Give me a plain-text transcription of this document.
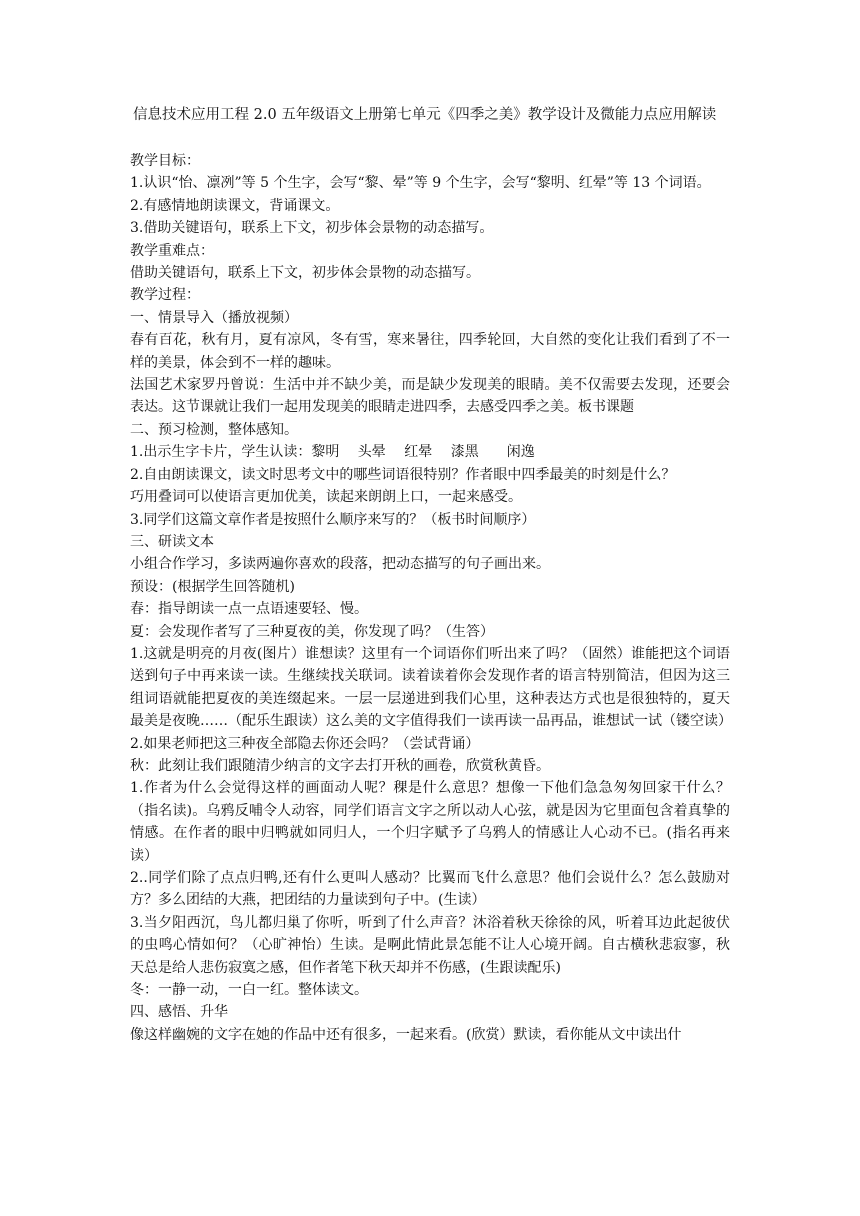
信息技术应用工程 2.0 五年级语文上册第七单元《四季之美》教学设计及微能力点应用解读

教学目标：

1.认识“怡、凛冽”等 5 个生字，会写“黎、晕”等 9 个生字，会写“黎明、红晕”等 13 个词语。

2.有感情地朗读课文，背诵课文。

3.借助关键语句，联系上下文，初步体会景物的动态描写。

教学重难点：

借助关键语句，联系上下文，初步体会景物的动态描写。

教学过程：

一、情景导入（播放视频）

春有百花，秋有月，夏有凉风，冬有雪，寒来暑往，四季轮回，大自然的变化让我们看到了不一样的美景，体会到不一样的趣味。

法国艺术家罗丹曾说：生活中并不缺少美，而是缺少发现美的眼睛。美不仅需要去发现，还要会表达。这节课就让我们一起用发现美的眼睛走进四季，去感受四季之美。板书课题

二、预习检测，整体感知。

1.出示生字卡片，学生认读：黎明　 头晕　 红晕　 漆黑　　闲逸

2.自由朗读课文，读文时思考文中的哪些词语很特别？作者眼中四季最美的时刻是什么？

巧用叠词可以使语言更加优美，读起来朗朗上口，一起来感受。

3.同学们这篇文章作者是按照什么顺序来写的？（板书时间顺序）

三、研读文本

小组合作学习，多读两遍你喜欢的段落，把动态描写的句子画出来。

预设：(根据学生回答随机)

春：指导朗读一点一点语速要轻、慢。

夏：会发现作者写了三种夏夜的美，你发现了吗？（生答）

1.这就是明亮的月夜(图片）谁想读？这里有一个词语你们听出来了吗？（固然）谁能把这个词语送到句子中再来读一读。生继续找关联词。读着读着你会发现作者的语言特别简洁，但因为这三组词语就能把夏夜的美连缀起来。一层一层递进到我们心里，这种表达方式也是很独特的，夏天最美是夜晚……（配乐生跟读）这么美的文字值得我们一读再读一品再品，谁想试一试（镂空读）

2.如果老师把这三种夜全部隐去你还会吗？（尝试背诵）

秋：此刻让我们跟随清少纳言的文字去打开秋的画卷，欣赏秋黄昏。

1.作者为什么会觉得这样的画面动人呢？稞是什么意思？想像一下他们急急匆匆回家干什么？（指名读)。乌鸦反哺令人动容，同学们语言文字之所以动人心弦，就是因为它里面包含着真挚的情感。在作者的眼中归鸭就如同归人，一个归字赋予了乌鸦人的情感让人心动不已。(指名再来读）

2..同学们除了点点归鸭,还有什么更叫人感动？比翼而飞什么意思？他们会说什么？怎么鼓励对方？多么团结的大燕，把团结的力量读到句子中。(生读）

3.当夕阳西沉，鸟儿都归巢了你听，听到了什么声音？沐浴着秋天徐徐的风，听着耳边此起彼伏的虫鸣心情如何？（心旷神怡）生读。是啊此情此景怎能不让人心境开阔。自古横秋悲寂寥，秋天总是给人悲伤寂寞之感，但作者笔下秋天却并不伤感，(生跟读配乐)

冬：一静一动，一白一红。整体读文。

四、感悟、升华

像这样幽婉的文字在她的作品中还有很多，一起来看。(欣赏）默读，看你能从文中读出什
